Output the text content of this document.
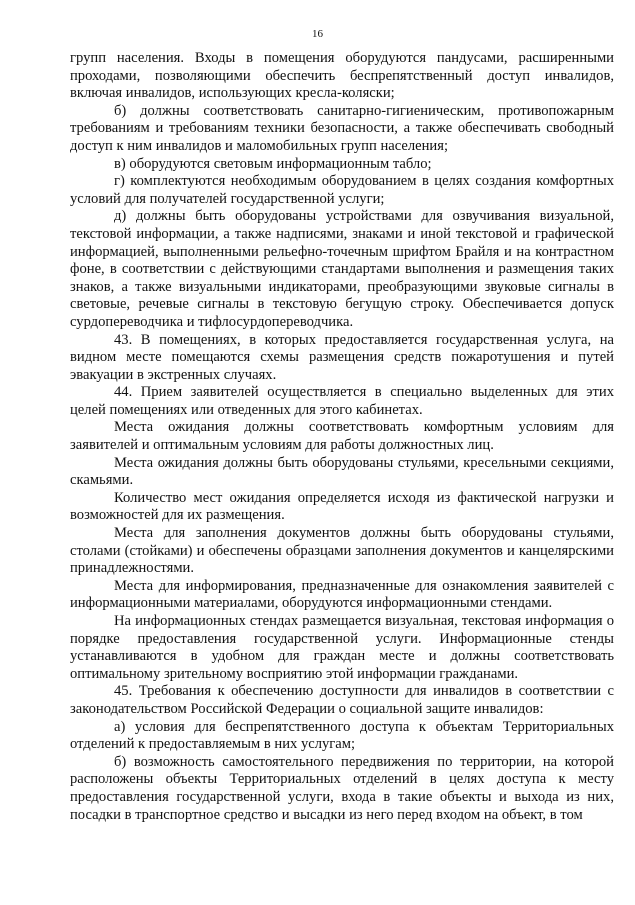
16

групп населения. Входы в помещения оборудуются пандусами, расширенными проходами, позволяющими обеспечить беспрепятственный доступ инвалидов, включая инвалидов, использующих кресла-коляски;

б) должны соответствовать санитарно-гигиеническим, противопожарным требованиям и требованиям техники безопасности, а также обеспечивать свободный доступ к ним инвалидов и маломобильных групп населения;

в) оборудуются световым информационным табло;

г) комплектуются необходимым оборудованием в целях создания комфортных условий для получателей государственной услуги;

д) должны быть оборудованы устройствами для озвучивания визуальной, текстовой информации, а также надписями, знаками и иной текстовой и графической информацией, выполненными рельефно-точечным шрифтом Брайля и на контрастном фоне, в соответствии с действующими стандартами выполнения и размещения таких знаков, а также визуальными индикаторами, преобразующими звуковые сигналы в световые, речевые сигналы в текстовую бегущую строку. Обеспечивается допуск сурдопереводчика и тифлосурдопереводчика.

43. В помещениях, в которых предоставляется государственная услуга, на видном месте помещаются схемы размещения средств пожаротушения и путей эвакуации в экстренных случаях.

44. Прием заявителей осуществляется в специально выделенных для этих целей помещениях или отведенных для этого кабинетах.

Места ожидания должны соответствовать комфортным условиям для заявителей и оптимальным условиям для работы должностных лиц.

Места ожидания должны быть оборудованы стульями, кресельными секциями, скамьями.

Количество мест ожидания определяется исходя из фактической нагрузки и возможностей для их размещения.

Места для заполнения документов должны быть оборудованы стульями, столами (стойками) и обеспечены образцами заполнения документов и канцелярскими принадлежностями.

Места для информирования, предназначенные для ознакомления заявителей с информационными материалами, оборудуются информационными стендами.

На информационных стендах размещается визуальная, текстовая информация о порядке предоставления государственной услуги. Информационные стенды устанавливаются в удобном для граждан месте и должны соответствовать оптимальному зрительному восприятию этой информации гражданами.

45. Требования к обеспечению доступности для инвалидов в соответствии с законодательством Российской Федерации о социальной защите инвалидов:

а) условия для беспрепятственного доступа к объектам Территориальных отделений к предоставляемым в них услугам;

б) возможность самостоятельного передвижения по территории, на которой расположены объекты Территориальных отделений в целях доступа к месту предоставления государственной услуги, входа в такие объекты и выхода из них, посадки в транспортное средство и высадки из него перед входом на объект, в том
